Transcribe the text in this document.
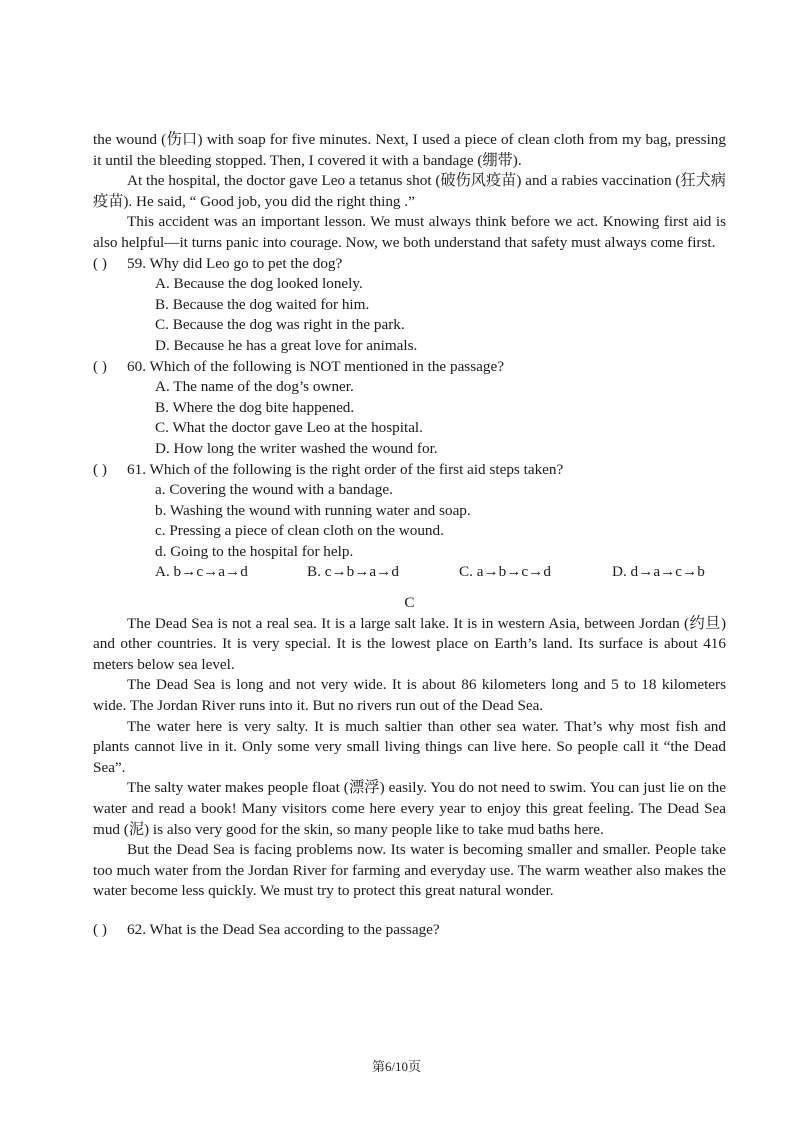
the wound (伤口) with soap for five minutes. Next, I used a piece of clean cloth from my bag, pressing it until the bleeding stopped. Then, I covered it with a bandage (绷带).

At the hospital, the doctor gave Leo a tetanus shot (破伤风疫苗) and a rabies vaccination (狂犬病疫苗). He said, “ Good job, you did the right thing .”

This accident was an important lesson. We must always think before we act. Knowing first aid is also helpful—it turns panic into courage. Now, we both understand that safety must always come first.

( ) 59. Why did Leo go to pet the dog?
A. Because the dog looked lonely.
B. Because the dog waited for him.
C. Because the dog was right in the park.
D. Because he has a great love for animals.
( ) 60. Which of the following is NOT mentioned in the passage?
A. The name of the dog’s owner.
B. Where the dog bite happened.
C. What the doctor gave Leo at the hospital.
D. How long the writer washed the wound for.
( ) 61. Which of the following is the right order of the first aid steps taken?
a. Covering the wound with a bandage.
b. Washing the wound with running water and soap.
c. Pressing a piece of clean cloth on the wound.
d. Going to the hospital for help.
A. b→c→a→d	B. c→b→a→d	C. a→b→c→d	D. d→a→c→b
C

The Dead Sea is not a real sea. It is a large salt lake. It is in western Asia, between Jordan (约旦) and other countries. It is very special. It is the lowest place on Earth’s land. Its surface is about 416 meters below sea level.

The Dead Sea is long and not very wide. It is about 86 kilometers long and 5 to 18 kilometers wide. The Jordan River runs into it. But no rivers run out of the Dead Sea.

The water here is very salty. It is much saltier than other sea water. That’s why most fish and plants cannot live in it. Only some very small living things can live here. So people call it “the Dead Sea”.

The salty water makes people float (漂浮) easily. You do not need to swim. You can just lie on the water and read a book! Many visitors come here every year to enjoy this great feeling. The Dead Sea mud (泥) is also very good for the skin, so many people like to take mud baths here.

But the Dead Sea is facing problems now. Its water is becoming smaller and smaller. People take too much water from the Jordan River for farming and everyday use. The warm weather also makes the water become less quickly. We must try to protect this great natural wonder.

( ) 62. What is the Dead Sea according to the passage?
第6/10页
